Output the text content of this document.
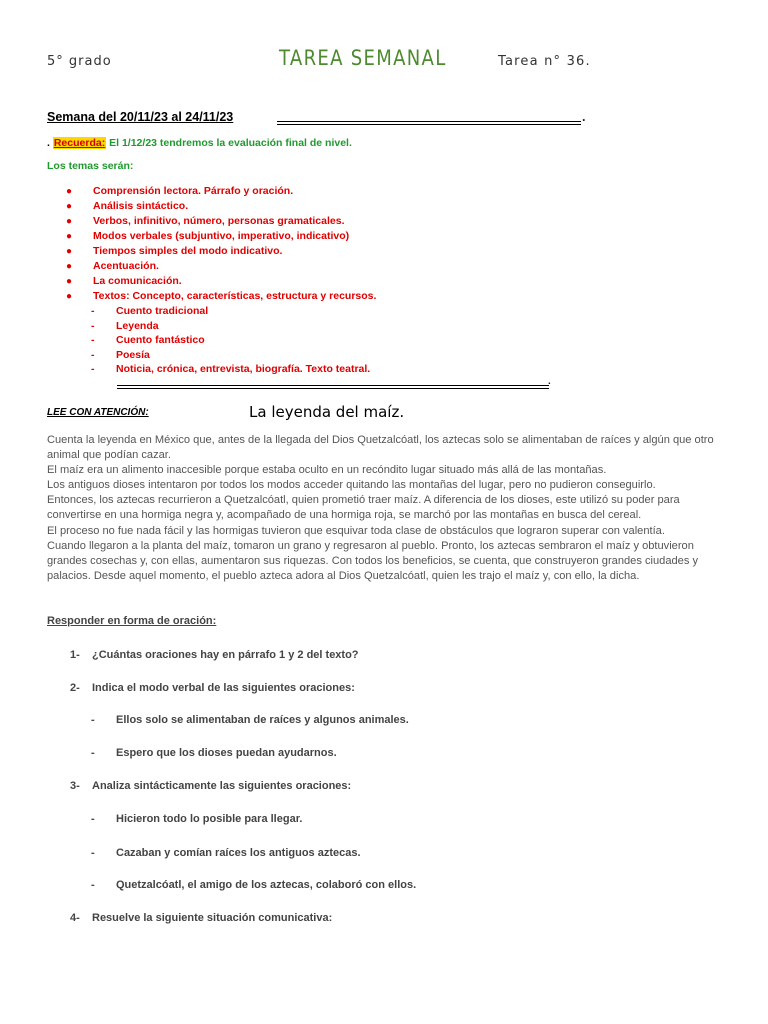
5° grado	TAREA SEMANAL	Tarea n° 36.
Semana del 20/11/23 al 24/11/23	.
. Recuerda: El 1/12/23 tendremos la evaluación final de nivel.
Los temas serán:
● Comprensión lectora. Párrafo y oración.
● Análisis sintáctico.
● Verbos, infinitivo, número, personas gramaticales.
● Modos verbales (subjuntivo, imperativo, indicativo)
● Tiempos simples del modo indicativo.
● Acentuación.
● La comunicación.
● Textos: Concepto, características, estructura y recursos.
- Cuento tradicional
- Leyenda
- Cuento fantástico
- Poesía
- Noticia, crónica, entrevista, biografía. Texto teatral.
.
LEE CON ATENCIÓN:	La leyenda del maíz.

Cuenta la leyenda en México que, antes de la llegada del Dios Quetzalcóatl, los aztecas solo se alimentaban de raíces y algún que otro animal que podían cazar.

El maíz era un alimento inaccesible porque estaba oculto en un recóndito lugar situado más allá de las montañas.

Los antiguos dioses intentaron por todos los modos acceder quitando las montañas del lugar, pero no pudieron conseguirlo.

Entonces, los aztecas recurrieron a Quetzalcóatl, quien prometió traer maíz. A diferencia de los dioses, este utilizó su poder para convertirse en una hormiga negra y, acompañado de una hormiga roja, se marchó por las montañas en busca del cereal.

El proceso no fue nada fácil y las hormigas tuvieron que esquivar toda clase de obstáculos que lograron superar con valentía.

Cuando llegaron a la planta del maíz, tomaron un grano y regresaron al pueblo. Pronto, los aztecas sembraron el maíz y obtuvieron grandes cosechas y, con ellas, aumentaron sus riquezas. Con todos los beneficios, se cuenta, que construyeron grandes ciudades y palacios. Desde aquel momento, el pueblo azteca adora al Dios Quetzalcóatl, quien les trajo el maíz y, con ello, la dicha.

Responder en forma de oración:
1- ¿Cuántas oraciones hay en párrafo 1 y 2 del texto?
2- Indica el modo verbal de las siguientes oraciones:
- Ellos solo se alimentaban de raíces y algunos animales.
- Espero que los dioses puedan ayudarnos.
3- Analiza sintácticamente las siguientes oraciones:
- Hicieron todo lo posible para llegar.
- Cazaban y comían raíces los antiguos aztecas.
- Quetzalcóatl, el amigo de los aztecas, colaboró con ellos.
4- Resuelve la siguiente situación comunicativa:
